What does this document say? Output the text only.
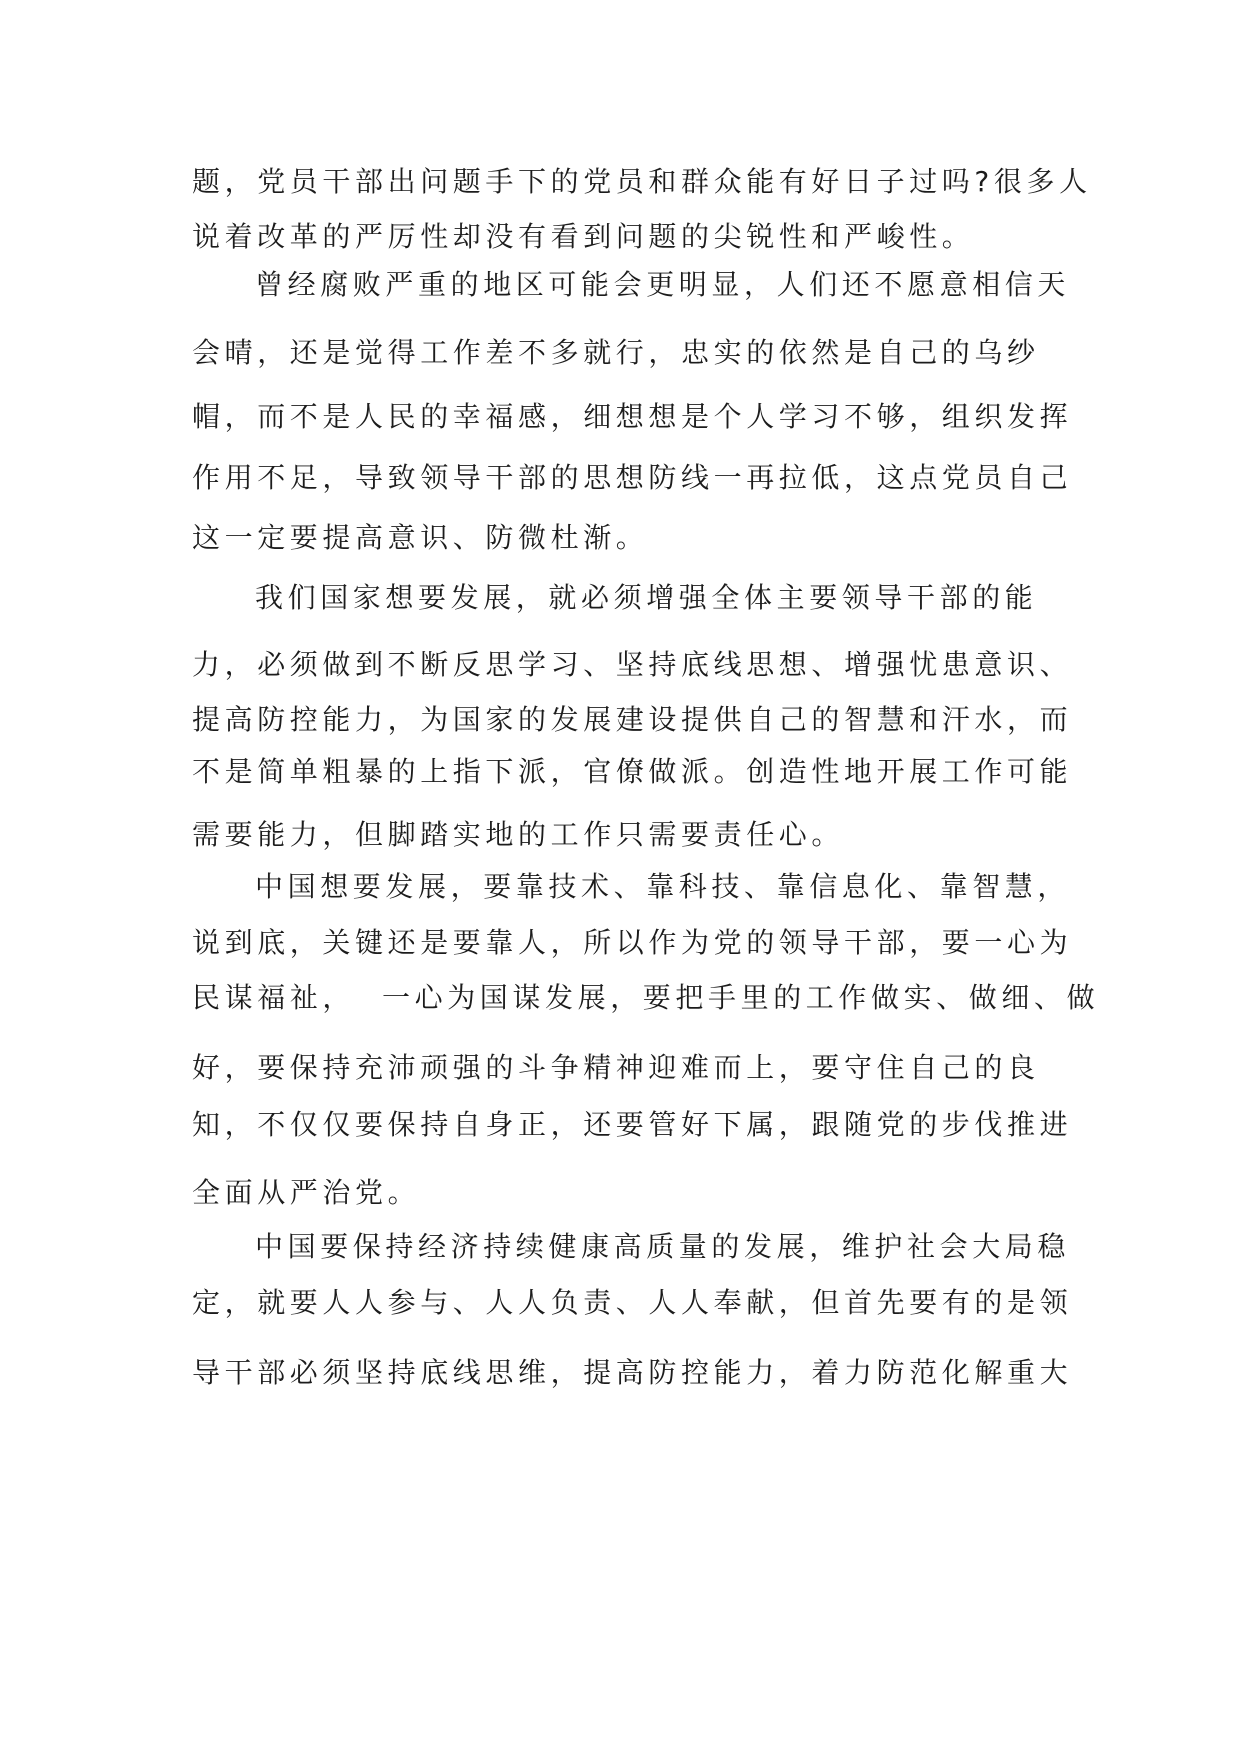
题，党员干部出问题手下的党员和群众能有好日子过吗?很多人
说着改革的严厉性却没有看到问题的尖锐性和严峻性。
曾经腐败严重的地区可能会更明显，人们还不愿意相信天
会晴，还是觉得工作差不多就行，忠实的依然是自己的乌纱
帽，而不是人民的幸福感，细想想是个人学习不够，组织发挥
作用不足，导致领导干部的思想防线一再拉低，这点党员自己
这一定要提高意识、防微杜渐。
我们国家想要发展，就必须增强全体主要领导干部的能
力，必须做到不断反思学习、坚持底线思想、增强忧患意识、
提高防控能力，为国家的发展建设提供自己的智慧和汗水，而
不是简单粗暴的上指下派，官僚做派。创造性地开展工作可能
需要能力，但脚踏实地的工作只需要责任心。
中国想要发展，要靠技术、靠科技、靠信息化、靠智慧，
说到底，关键还是要靠人，所以作为党的领导干部，要一心为
民谋福祉，  一心为国谋发展，要把手里的工作做实、做细、做
好，要保持充沛顽强的斗争精神迎难而上，要守住自己的良
知，不仅仅要保持自身正，还要管好下属，跟随党的步伐推进
全面从严治党。
中国要保持经济持续健康高质量的发展，维护社会大局稳
定，就要人人参与、人人负责、人人奉献，但首先要有的是领
导干部必须坚持底线思维，提高防控能力，着力防范化解重大
